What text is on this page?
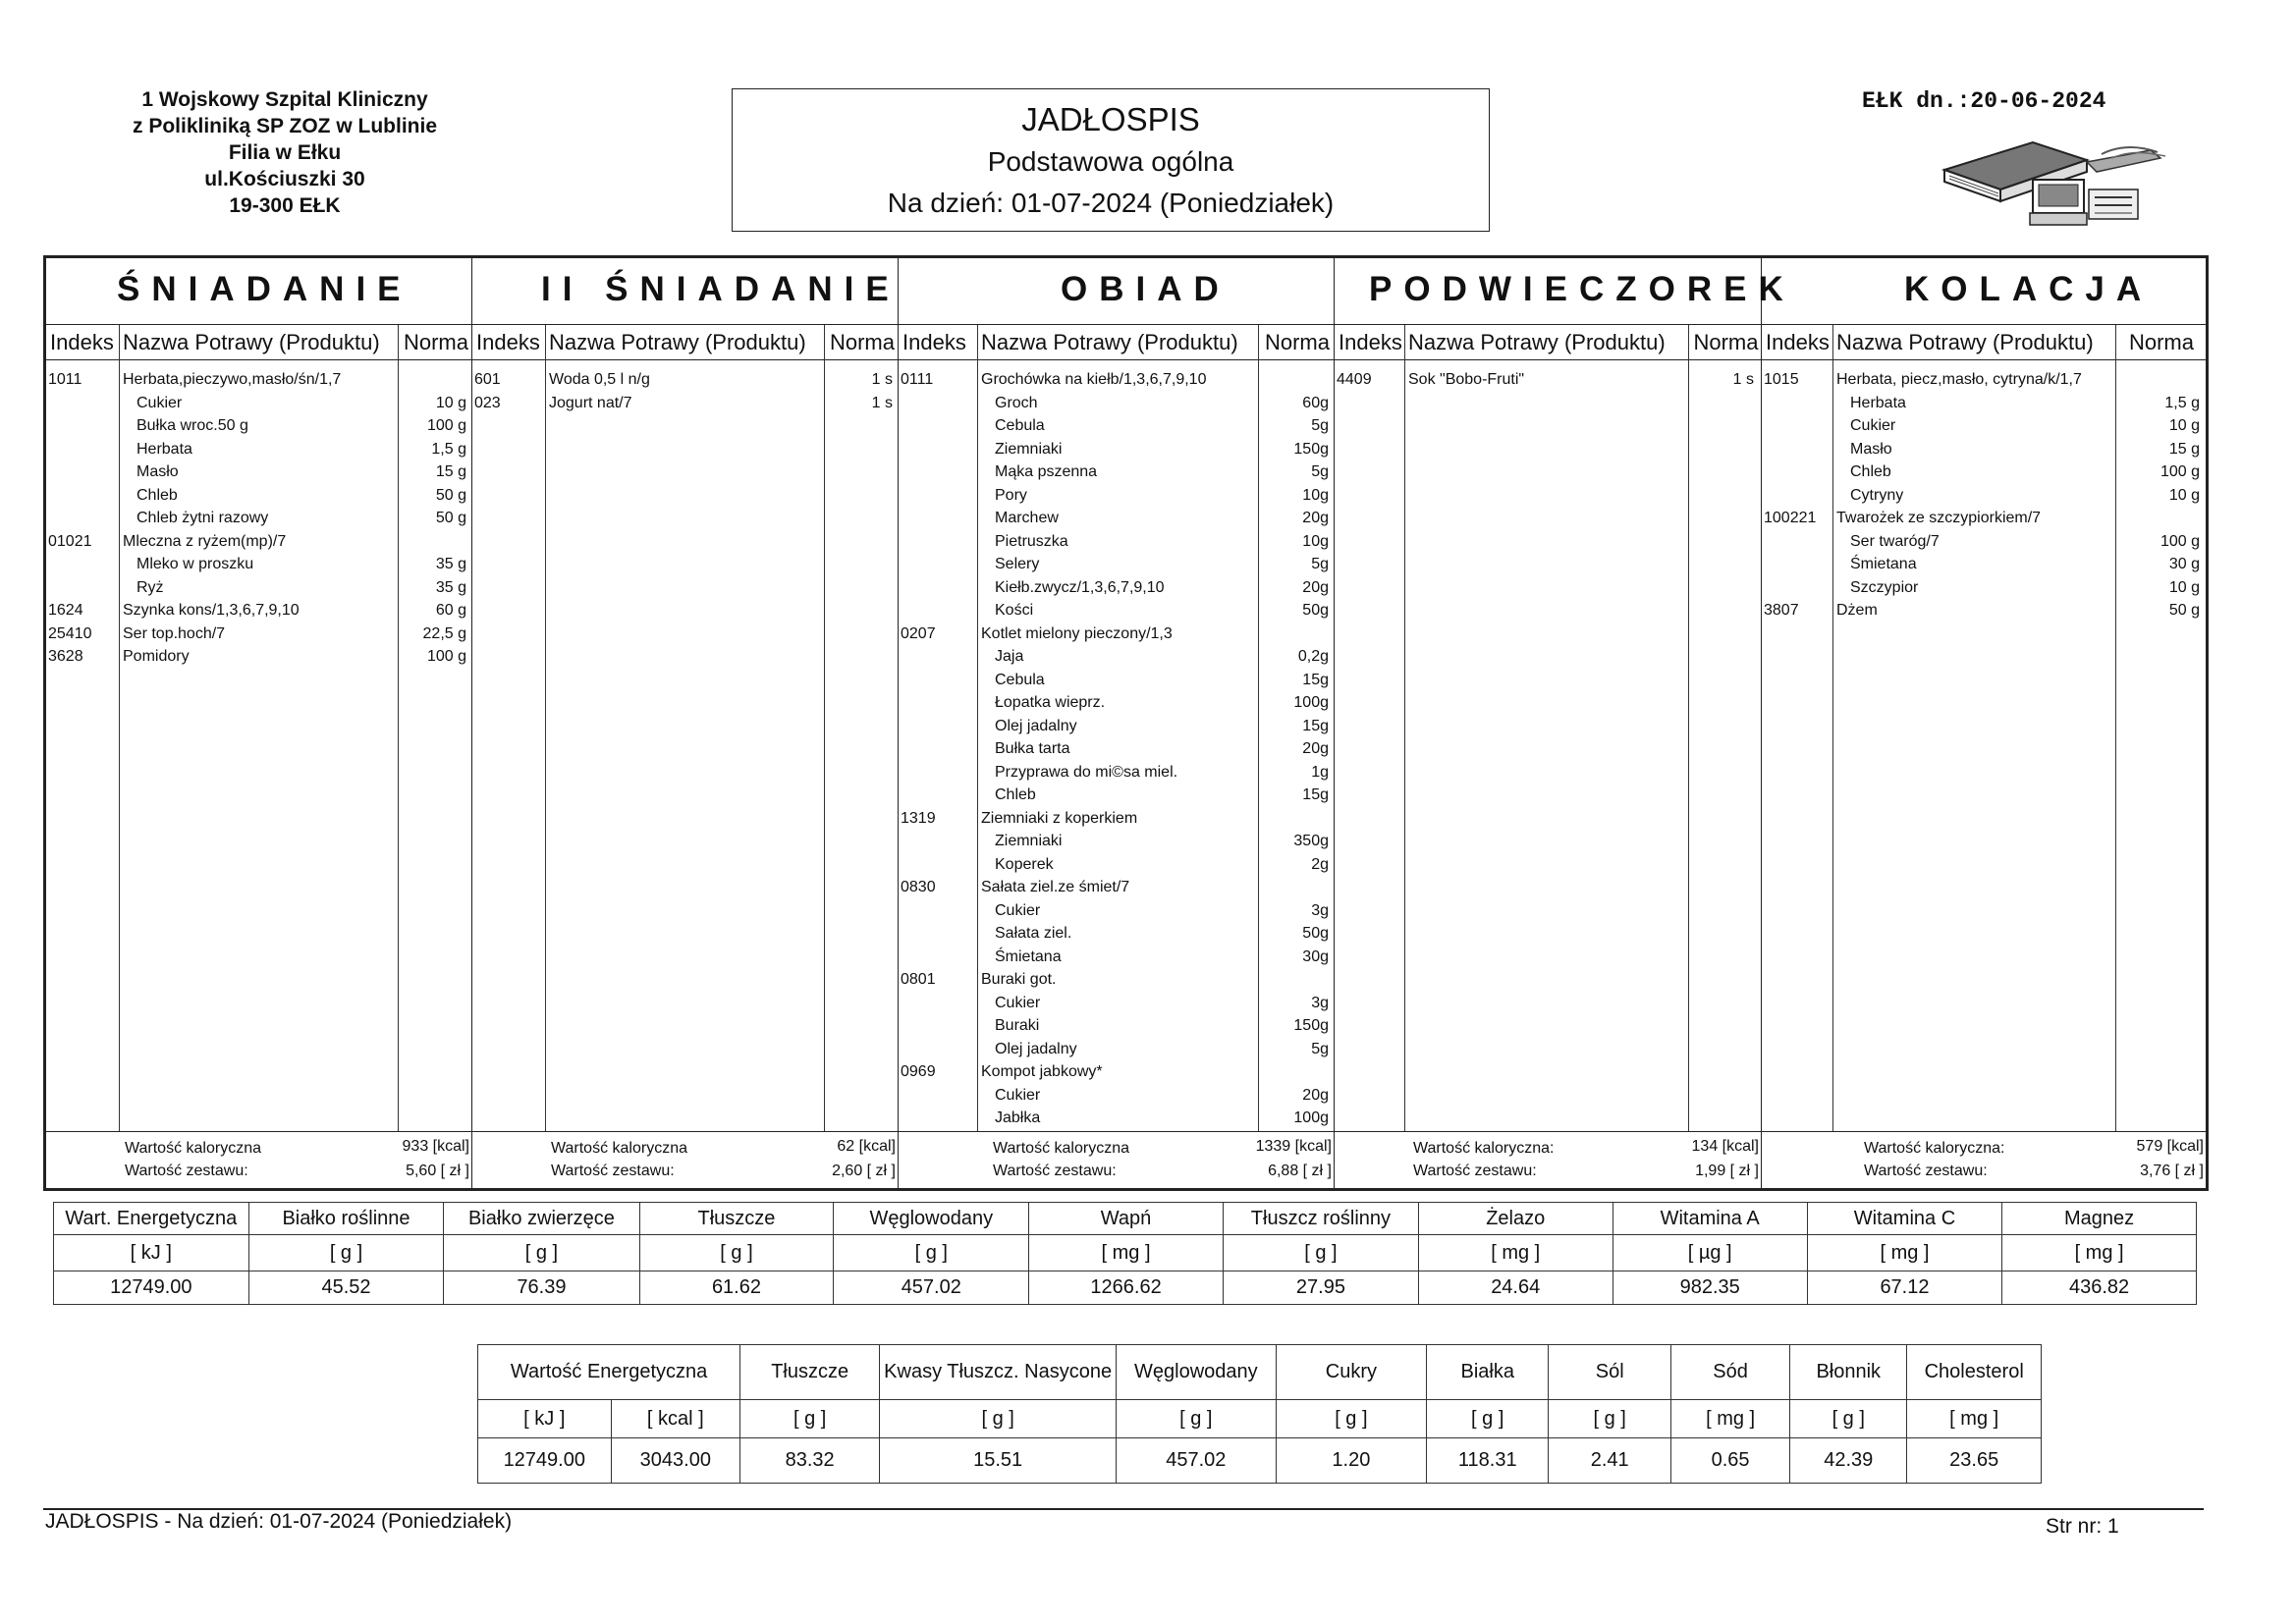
1 Wojskowy Szpital Kliniczny
z Polikliniką SP ZOZ w Lublinie
Filia w Ełku
ul.Kościuszki 30
19-300 EŁK
JADŁOSPIS
Podstawowa ogólna
Na dzień: 01-07-2024 (Poniedziałek)
EŁK dn.:20-06-2024
ŚNIADANIE
Indeks Nazwa Potrawy (Produktu)	Norma
1011	Herbata,pieczywo,masło/śn/1,7
Cukier	10 g
Bułka wroc.50 g	100 g
Herbata	1,5 g
Masło	15 g
Chleb	50 g
Chleb żytni razowy	50 g
01021	Mleczna z ryżem(mp)/7
Mleko w proszku	35 g
Ryż	35 g
1624	Szynka kons/1,3,6,7,9,10	60 g
25410	Ser top.hoch/7	22,5 g
3628	Pomidory	100 g
Wartość kaloryczna	933 [kcal]
Wartość zestawu:	5,60 [ zł ]
II ŚNIADANIE
Indeks Nazwa Potrawy (Produktu)	Norma
601	Woda 0,5 l n/g	1 s
023	Jogurt nat/7	1 s
Wartość kaloryczna	62 [kcal]
Wartość zestawu:	2,60 [ zł ]
OBIAD
Indeks Nazwa Potrawy (Produktu)	Norma
0111	Grochówka na kiełb/1,3,6,7,9,10
Groch	60g
Cebula	5g
Ziemniaki	150g
Mąka pszenna	5g
Pory	10g
Marchew	20g
Pietruszka	10g
Selery	5g
Kiełb.zwycz/1,3,6,7,9,10	20g
Kości	50g
0207	Kotlet mielony pieczony/1,3
Jaja	0,2g
Cebula	15g
Łopatka wieprz.	100g
Olej jadalny	15g
Bułka tarta	20g
Przyprawa do mi©sa miel.	1g
Chleb	15g
1319	Ziemniaki z koperkiem
Ziemniaki	350g
Koperek	2g
0830	Sałata ziel.ze śmiet/7
Cukier	3g
Sałata ziel.	50g
Śmietana	30g
0801	Buraki got.
Cukier	3g
Buraki	150g
Olej jadalny	5g
0969	Kompot jabkowy*
Cukier	20g
Jabłka	100g
Wartość kaloryczna	1339 [kcal]
Wartość zestawu:	6,88 [ zł ]
PODWIECZOREK
Indeks Nazwa Potrawy (Produktu)	Norma
4409	Sok "Bobo-Fruti"	1 s
Wartość kaloryczna:	134 [kcal]
Wartość zestawu:	1,99 [ zł ]
KOLACJA
Indeks Nazwa Potrawy (Produktu)	Norma
1015	Herbata, piecz,masło, cytryna/k/1,7
Herbata	1,5 g
Cukier	10 g
Masło	15 g
Chleb	100 g
Cytryny	10 g
100221	Twarożek ze szczypiorkiem/7
Ser twaróg/7	100 g
Śmietana	30 g
Szczypior	10 g
3807	Dżem	50 g
Wartość kaloryczna:	579 [kcal]
Wartość zestawu:	3,76 [ zł ]
Wart. Energetyczna	Białko roślinne	Białko zwierzęce	Tłuszcze	Węglowodany	Wapń	Tłuszcz roślinny	Żelazo	Witamina A	Witamina C	Magnez
[ kJ ]	[ g ]	[ g ]	[ g ]	[ g ]	[ mg ]	[ g ]	[ mg ]	[ µg ]	[ mg ]	[ mg ]
12749.00	45.52	76.39	61.62	457.02	1266.62	27.95	24.64	982.35	67.12	436.82
Wartość Energetyczna		Tłuszcze	Kwasy Tłuszcz. Nasycone	Węglowodany	Cukry	Białka	Sól	Sód	Błonnik	Cholesterol
[ kJ ]	[ kcal ]	[ g ]	[ g ]	[ g ]	[ g ]	[ g ]	[ g ]	[ mg ]	[ g ]	[ mg ]
12749.00	3043.00	83.32	15.51	457.02	1.20	118.31	2.41	0.65	42.39	23.65
JADŁOSPIS - Na dzień: 01-07-2024 (Poniedziałek)	Str nr: 1
